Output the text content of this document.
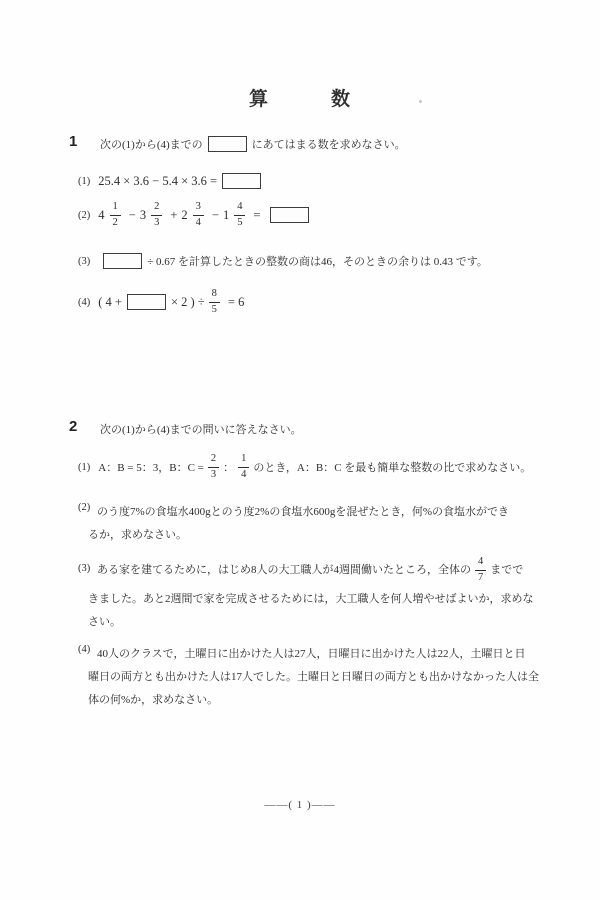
算	数
1 次の(1)から(4)までの	にあてはまる数を求めなさい。
(1) 25.4 × 3.6 − 5.4 × 3.6 =
(2) $4 \frac{1}{2} - 3 \frac{2}{3} + 2 \frac{3}{4} - 1 \frac{4}{5}$ =
(3)	÷ 0.67 を計算したときの整数の商は46，そのときの余りは 0.43 です。
(4) ( 4 +	× 2 ) ÷ $\frac{8}{5} = 6$
2 次の(1)から(4)までの問いに答えなさい。
(1) A：B = 5：3，B：$C = \frac{2}{3}$ ： $\frac{1}{4}$ のとき，A：B：C を最も簡単な整数の比で求めなさい。
(2) のう度7%の食塩水400gとのう度2%の食塩水600gを混ぜたとき，何%の食塩水ができ
るか，求めなさい。
(3) ある家を建てるために，はじめ8人の大工職人が4週間働いたところ，全体の $\frac{4}{7}$ までで
きました。あと2週間で家を完成させるためには，大工職人を何人増やせばよいか，求めな
さい。
(4) 40人のクラスで，土曜日に出かけた人は27人，日曜日に出かけた人は22人，土曜日と日
曜日の両方とも出かけた人は17人でした。土曜日と日曜日の両方とも出かけなかった人は全
体の何%か，求めなさい。
——( 1 )——
